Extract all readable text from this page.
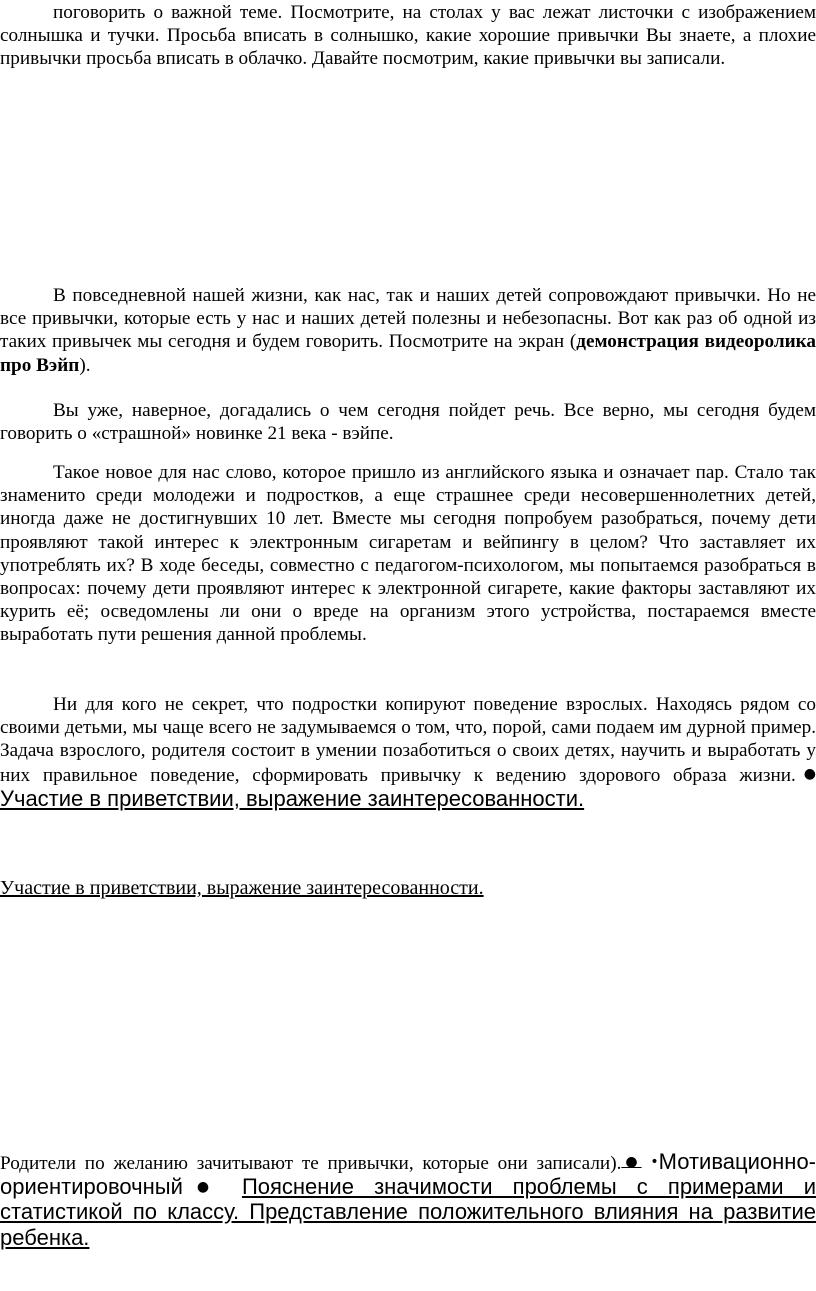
поговорить о важной теме. Посмотрите, на столах у вас лежат листочки с изображением солнышка и тучки. Просьба вписать в солнышко, какие хорошие привычки Вы знаете, а плохие привычки просьба вписать в облачко. Давайте посмотрим, какие привычки вы записали.

В повседневной нашей жизни, как нас, так и наших детей сопровождают привычки. Но не все привычки, которые есть у нас и наших детей полезны и небезопасны. Вот как раз об одной из таких привычек мы сегодня и будем говорить. Посмотрите на экран (демонстрация видеоролика про Вэйп).

Вы уже, наверное, догадались о чем сегодня пойдет речь. Все верно, мы сегодня будем говорить о «страшной» новинке 21 века - вэйпе.

Такое новое для нас слово, которое пришло из английского языка и означает пар. Стало так знаменито среди молодежи и подростков, а еще страшнее среди несовершеннолетних детей, иногда даже не достигнувших 10 лет. Вместе мы сегодня попробуем разобраться, почему дети проявляют такой интерес к электронным сигаретам и вейпингу в целом? Что заставляет их употреблять их? В ходе беседы, совместно с педагогом-психологом, мы попытаемся разобраться в вопросах: почему дети проявляют интерес к электронной сигарете, какие факторы заставляют их курить её; осведомлены ли они о вреде на организм этого устройства, постараемся вместе выработать пути решения данной проблемы.

Ни для кого не секрет, что подростки копируют поведение взрослых. Находясь рядом со своими детьми, мы чаще всего не задумываемся о том, что, порой, сами подаем им дурной пример. Задача взрослого, родителя состоит в умении позаботиться о своих детях, научить и выработать у них правильное поведение, сформировать привычку к ведению здорового образа жизни.● Участие в приветствии, выражение заинтересованности.

Участие в приветствии, выражение заинтересованности.

Родители по желанию зачитывают те привычки, которые они записали).● •Мотивационно-ориентировочный● Пояснение значимости проблемы с примерами и статистикой по классу. Представление положительного влияния на развитие ребенка.
